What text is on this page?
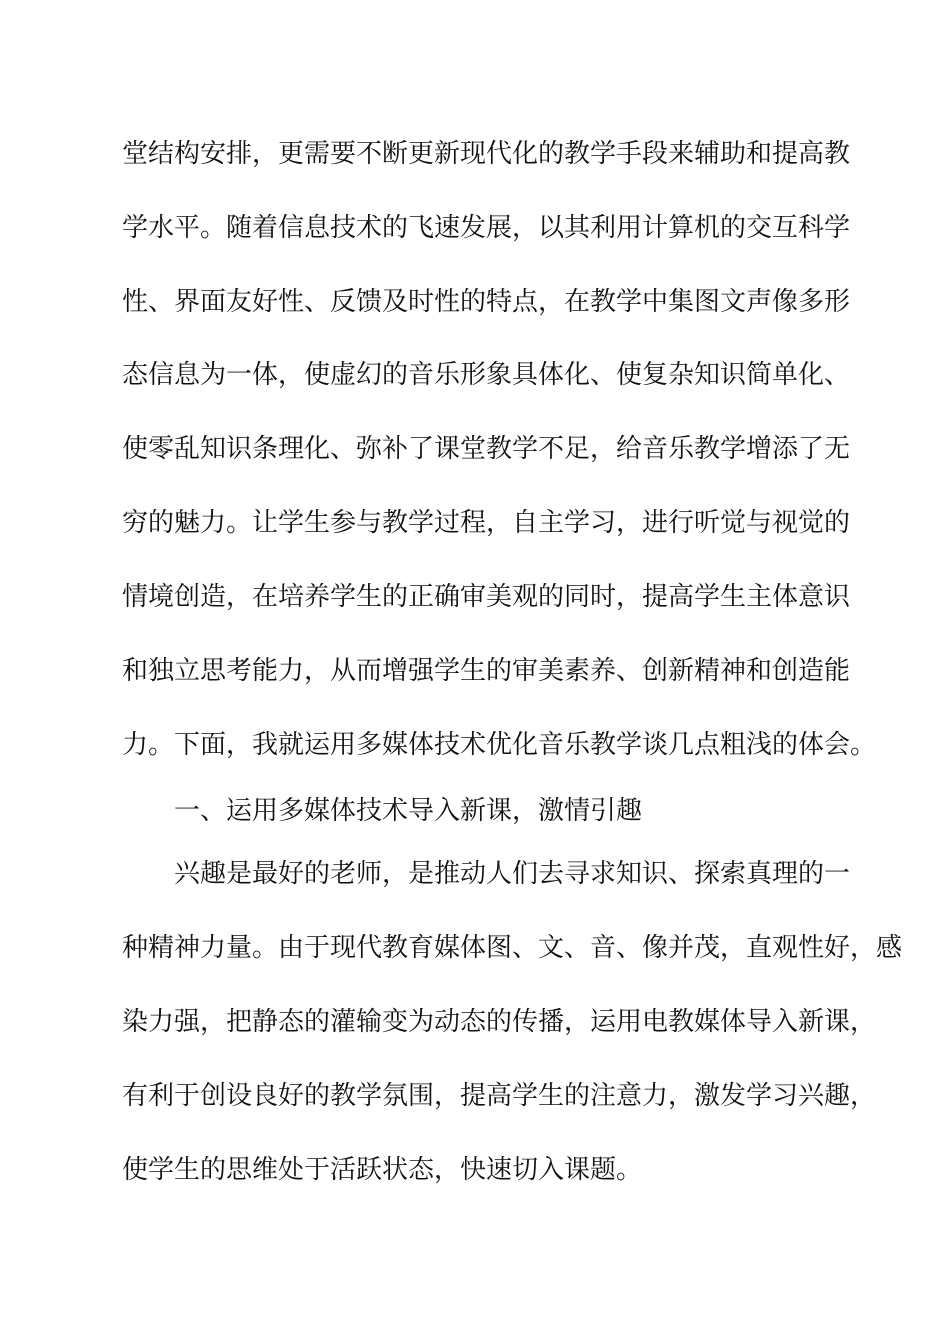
堂结构安排，更需要不断更新现代化的教学手段来辅助和提高教
学水平。随着信息技术的飞速发展，以其利用计算机的交互科学
性、界面友好性、反馈及时性的特点，在教学中集图文声像多形
态信息为一体，使虚幻的音乐形象具体化、使复杂知识简单化、
使零乱知识条理化、弥补了课堂教学不足，给音乐教学增添了无
穷的魅力。让学生参与教学过程，自主学习，进行听觉与视觉的
情境创造，在培养学生的正确审美观的同时，提高学生主体意识
和独立思考能力，从而增强学生的审美素养、创新精神和创造能
力。下面，我就运用多媒体技术优化音乐教学谈几点粗浅的体会。
一、运用多媒体技术导入新课，激情引趣
兴趣是最好的老师，是推动人们去寻求知识、探索真理的一
种精神力量。由于现代教育媒体图、文、音、像并茂，直观性好，感
染力强，把静态的灌输变为动态的传播，运用电教媒体导入新课，
有利于创设良好的教学氛围，提高学生的注意力，激发学习兴趣，
使学生的思维处于活跃状态，快速切入课题。
